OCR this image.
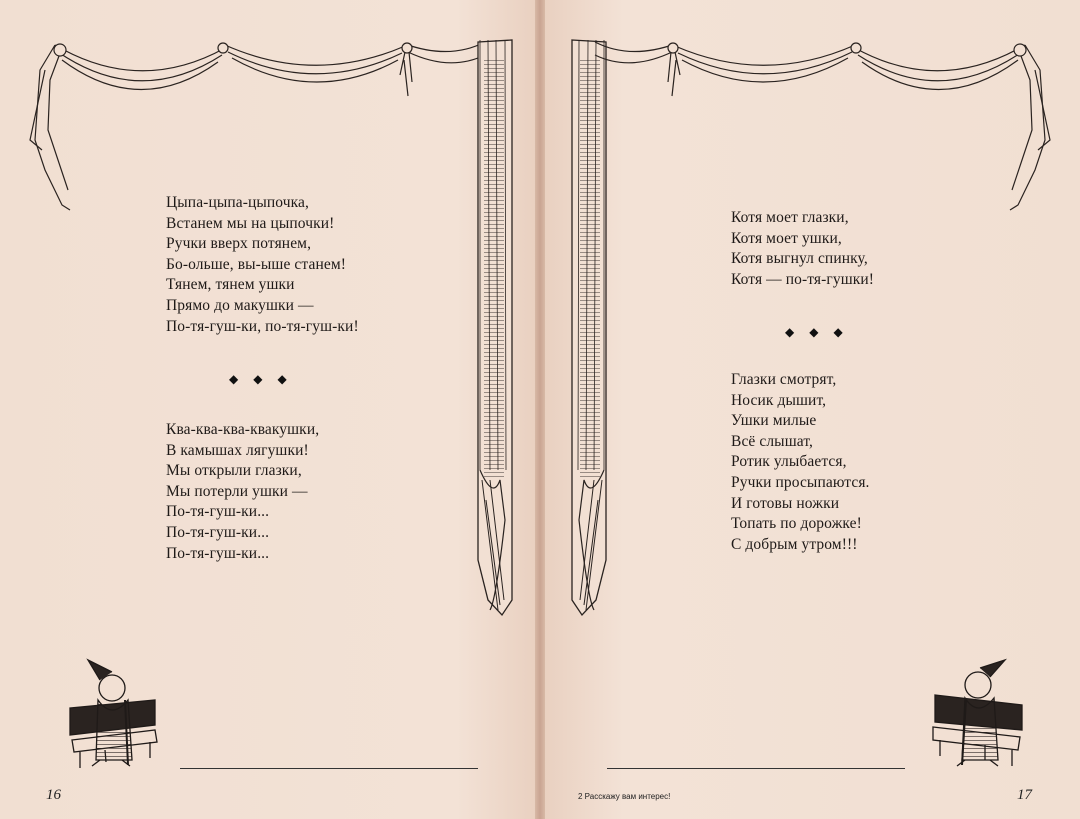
Цыпа-цыпа-цыпочка,
Встанем мы на цыпочки!
Ручки вверх потянем,
Бо-ольше, вы-ыше станем!
Тянем, тянем ушки
Прямо до макушки —
По-тя-гуш-ки, по-тя-гуш-ки!
◆ ◆ ◆
Ква-ква-ква-квакушки,
В камышах лягушки!
Мы открыли глазки,
Мы потерли ушки —
По-тя-гуш-ки...
По-тя-гуш-ки...
По-тя-гуш-ки...
16
Котя моет глазки,
Котя моет ушки,
Котя выгнул спинку,
Котя — по-тя-гушки!
◆ ◆ ◆
Глазки смотрят,
Носик дышит,
Ушки милые
Всё слышат,
Ротик улыбается,
Ручки просыпаются.
И готовы ножки
Топать по дорожке!
С добрым утром!!!
2 Расскажу вам интерес!	17
